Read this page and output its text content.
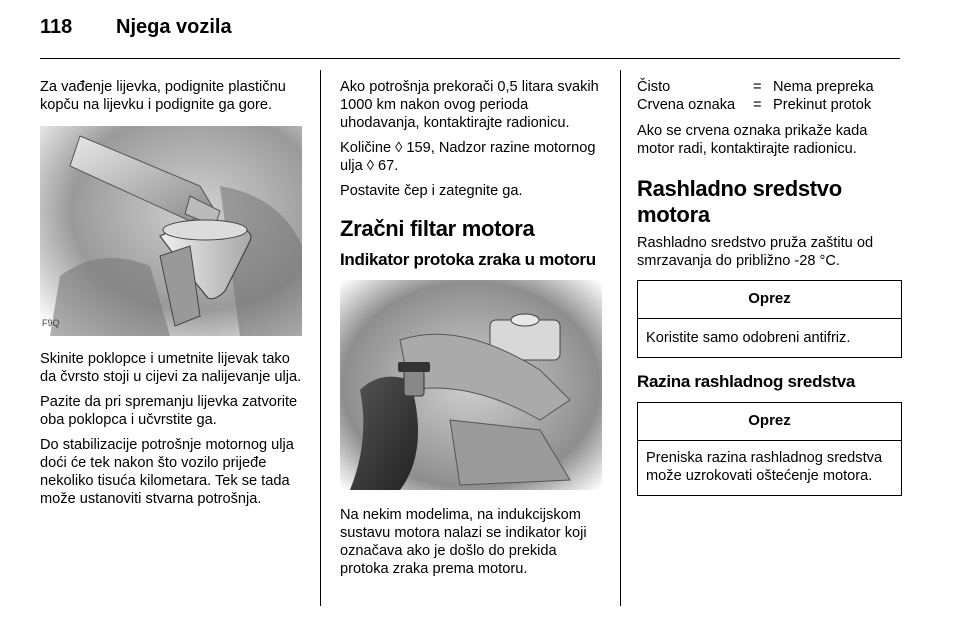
118 Njega vozila

Za vađenje lijevka, podignite plastičnu kopču na lijevku i podignite ga gore.

F9Q

Skinite poklopce i umetnite lijevak tako da čvrsto stoji u cijevi za nalijevanje ulja.

Pazite da pri spremanju lijevka zatvorite oba poklopca i učvrstite ga.

Do stabilizacije potrošnje motornog ulja doći će tek nakon što vozilo prijeđe nekoliko tisuća kilometara. Tek se tada može ustanoviti stvarna potrošnja.

Ako potrošnja prekorači 0,5 litara svakih 1000 km nakon ovog perioda uhodavanja, kontaktirajte radionicu.

Količine ◊ 159, Nadzor razine motornog ulja ◊ 67.

Postavite čep i zategnite ga.

Zračni filtar motora
Indikator protoka zraka u motoru

Na nekim modelima, na indukcijskom sustavu motora nalazi se indikator koji označava ako je došlo do prekida protoka zraka prema motoru.

Čisto	= Nema prepreka
Crvena oznaka	= Prekinut protok

Ako se crvena oznaka prikaže kada motor radi, kontaktirajte radionicu.

Rashladno sredstvo motora

Rashladno sredstvo pruža zaštitu od smrzavanja do približno -28 °C.

Oprez
Koristite samo odobreni antifriz.
Razina rashladnog sredstva
Oprez
Preniska razina rashladnog sredstva može uzrokovati oštećenje motora.
